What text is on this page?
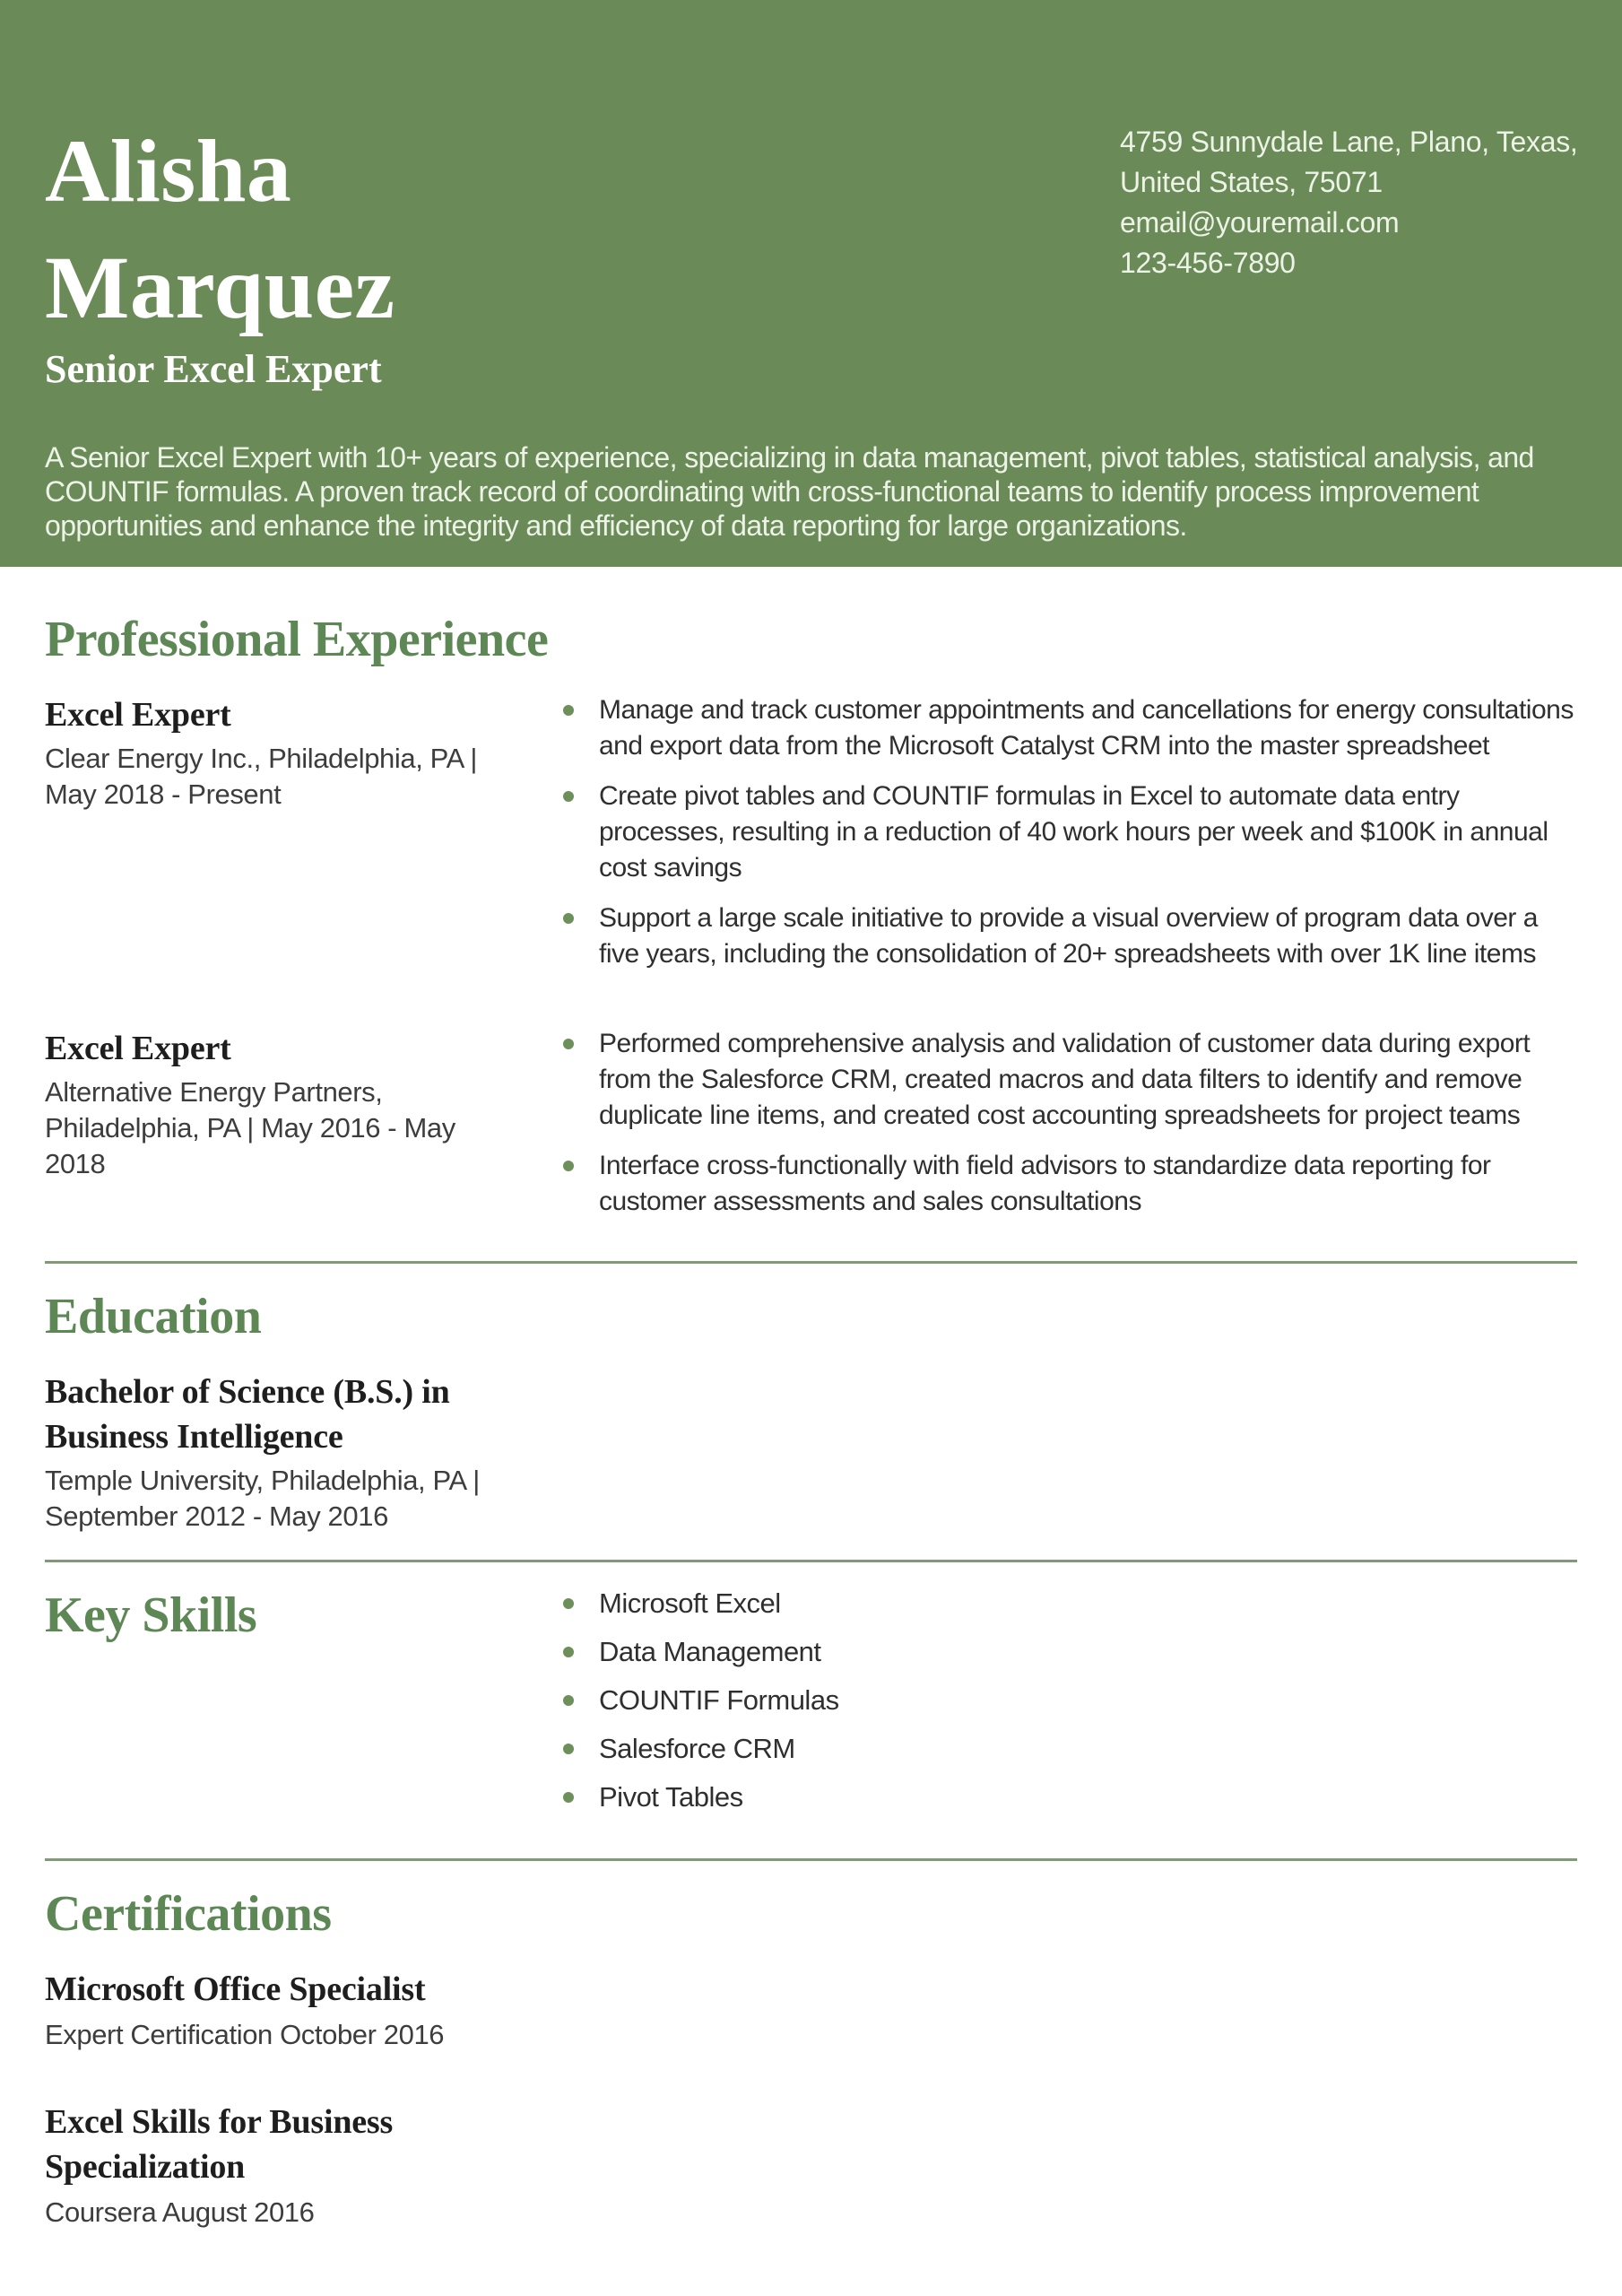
Alisha
Marquez
Senior Excel Expert

A Senior Excel Expert with 10+ years of experience, specializing in data management, pivot tables, statistical analysis, and COUNTIF formulas. A proven track record of coordinating with cross-functional teams to identify process improvement opportunities and enhance the integrity and efficiency of data reporting for large organizations.

4759 Sunnydale Lane, Plano, Texas,
United States, 75071
email@youremail.com
123-456-7890
Professional Experience
Excel Expert

Clear Energy Inc., Philadelphia, PA | May 2018 - Present

Manage and track customer appointments and cancellations for energy consultations and export data from the Microsoft Catalyst CRM into the master spreadsheet
Create pivot tables and COUNTIF formulas in Excel to automate data entry processes, resulting in a reduction of 40 work hours per week and $100K in annual cost savings
Support a large scale initiative to provide a visual overview of program data over a five years, including the consolidation of 20+ spreadsheets with over 1K line items
Excel Expert

Alternative Energy Partners, Philadelphia, PA | May 2016 - May 2018

Performed comprehensive analysis and validation of customer data during export from the Salesforce CRM, created macros and data filters to identify and remove duplicate line items, and created cost accounting spreadsheets for project teams
Interface cross-functionally with field advisors to standardize data reporting for customer assessments and sales consultations
Education
Bachelor of Science (B.S.) in Business Intelligence

Temple University, Philadelphia, PA | September 2012 - May 2016

Key Skills	Microsoft Excel
Data Management
COUNTIF Formulas
Salesforce CRM
Pivot Tables
Certifications
Microsoft Office Specialist

Expert Certification October 2016

Excel Skills for Business Specialization

Coursera August 2016
